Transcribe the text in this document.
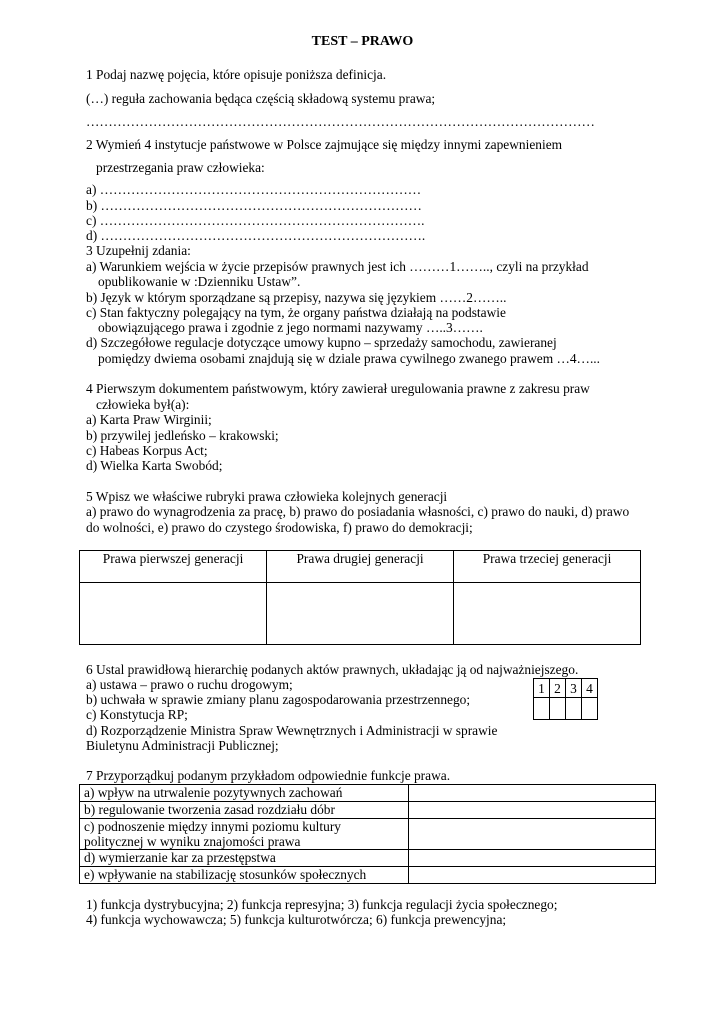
TEST – PRAWO
1 Podaj nazwę pojęcia, które opisuje poniższa definicja.
(…) reguła zachowania będąca częścią składową systemu prawa;
……………………………………………………………………………………………………
2 Wymień 4 instytucje państwowe w Polsce zajmujące się między innymi zapewnieniem
przestrzegania praw człowieka:
a) ………………………………………………………………
b) ………………………………………………………………
c) ……………………………………………………………….
d) ……………………………………………………………….
3 Uzupełnij zdania:
a) Warunkiem wejścia w życie przepisów prawnych jest ich ………1…….., czyli na przykład
opublikowanie w :Dzienniku Ustaw”.
b) Język w którym sporządzane są przepisy, nazywa się językiem ……2……..
c) Stan faktyczny polegający na tym, że organy państwa działają na podstawie
obowiązującego prawa i zgodnie z jego normami nazywamy …..3…….
d) Szczegółowe regulacje dotyczące umowy kupno – sprzedaży samochodu, zawieranej
pomiędzy dwiema osobami znajdują się w dziale prawa cywilnego zwanego prawem …4…...
4 Pierwszym dokumentem państwowym, który zawierał uregulowania prawne z zakresu praw
człowieka był(a):
a) Karta Praw Wirginii;
b) przywilej jedleńsko – krakowski;
c) Habeas Korpus Act;
d) Wielka Karta Swobód;
5 Wpisz we właściwe rubryki prawa człowieka kolejnych generacji
a) prawo do wynagrodzenia za pracę, b) prawo do posiadania własności, c) prawo do nauki, d) prawo
do wolności, e) prawo do czystego środowiska, f) prawo do demokracji;
Prawa pierwszej generacji	Prawa drugiej generacji	Prawa trzeciej generacji

6 Ustal prawidłową hierarchię podanych aktów prawnych, układając ją od najważniejszego.
a) ustawa – prawo o ruchu drogowym;
b) uchwała w sprawie zmiany planu zagospodarowania przestrzennego;
c) Konstytucja RP;
d) Rozporządzenie Ministra Spraw Wewnętrznych i Administracji w sprawie
Biuletynu Administracji Publicznej;
1	2	3	4

7 Przyporządkuj podanym przykładom odpowiednie funkcje prawa.
a) wpływ na utrwalenie pozytywnych zachowań	
b) regulowanie tworzenia zasad rozdziału dóbr	

c) podnoszenie między innymi poziomu kultury
politycznej w wyniku znajomości prawa	

d) wymierzanie kar za przestępstwa	
e) wpływanie na stabilizację stosunków społecznych	
1) funkcja dystrybucyjna; 2) funkcja represyjna; 3) funkcja regulacji życia społecznego;
4) funkcja wychowawcza; 5) funkcja kulturotwórcza; 6) funkcja prewencyjna;
